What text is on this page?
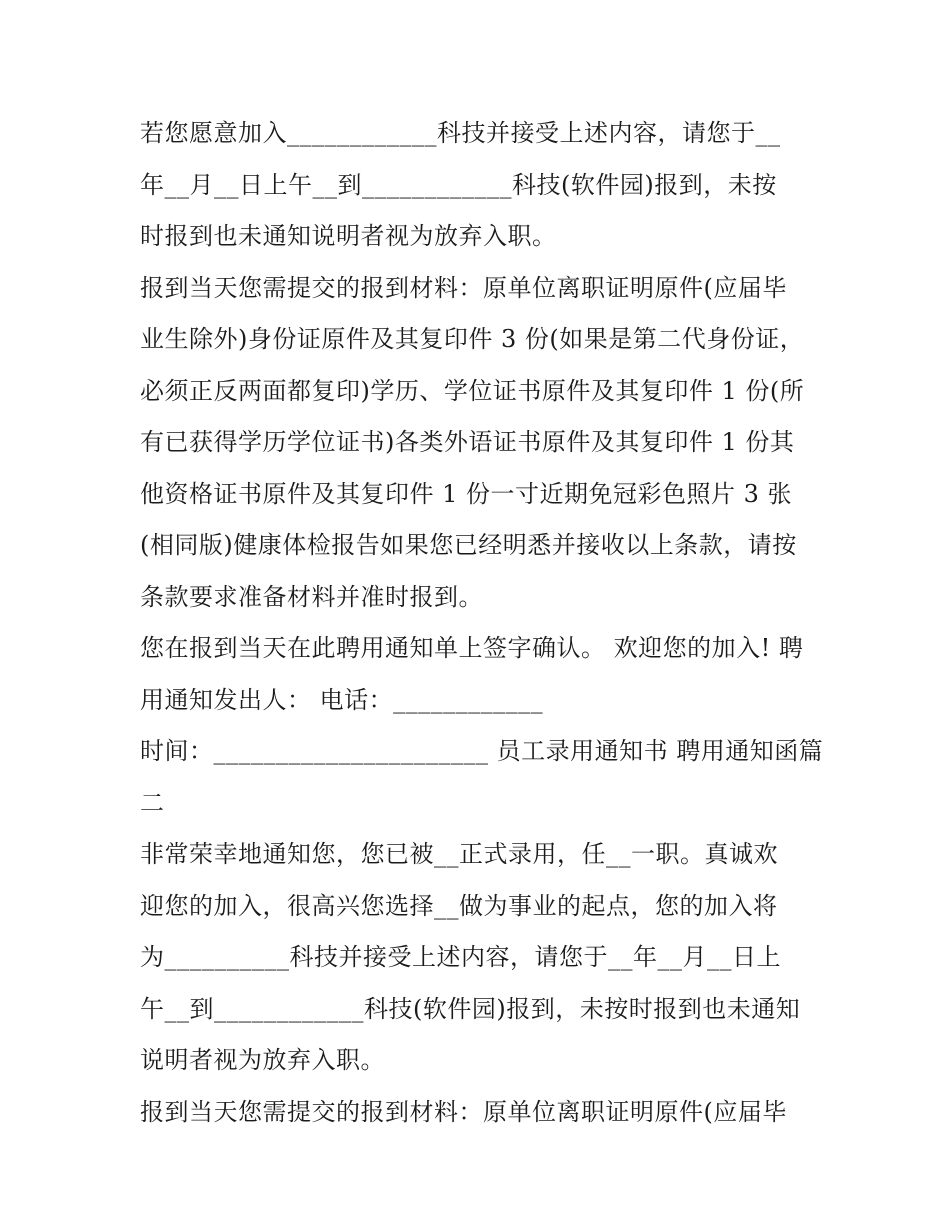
若您愿意加入____________科技并接受上述内容，请您于__
年__月__日上午__到____________科技(软件园)报到，未按
时报到也未通知说明者视为放弃入职。
报到当天您需提交的报到材料：原单位离职证明原件(应届毕
业生除外)身份证原件及其复印件 3 份(如果是第二代身份证，
必须正反两面都复印)学历、学位证书原件及其复印件 1 份(所
有已获得学历学位证书)各类外语证书原件及其复印件 1 份其
他资格证书原件及其复印件 1 份一寸近期免冠彩色照片 3 张
(相同版)健康体检报告如果您已经明悉并接收以上条款，请按
条款要求准备材料并准时报到。
您在报到当天在此聘用通知单上签字确认。 欢迎您的加入! 聘
用通知发出人： 电话：____________
时间：______________________ 员工录用通知书 聘用通知函篇
二
非常荣幸地通知您，您已被__正式录用，任__一职。真诚欢
迎您的加入，很高兴您选择__做为事业的起点，您的加入将
为__________科技并接受上述内容，请您于__年__月__日上
午__到____________科技(软件园)报到，未按时报到也未通知
说明者视为放弃入职。
报到当天您需提交的报到材料：原单位离职证明原件(应届毕
